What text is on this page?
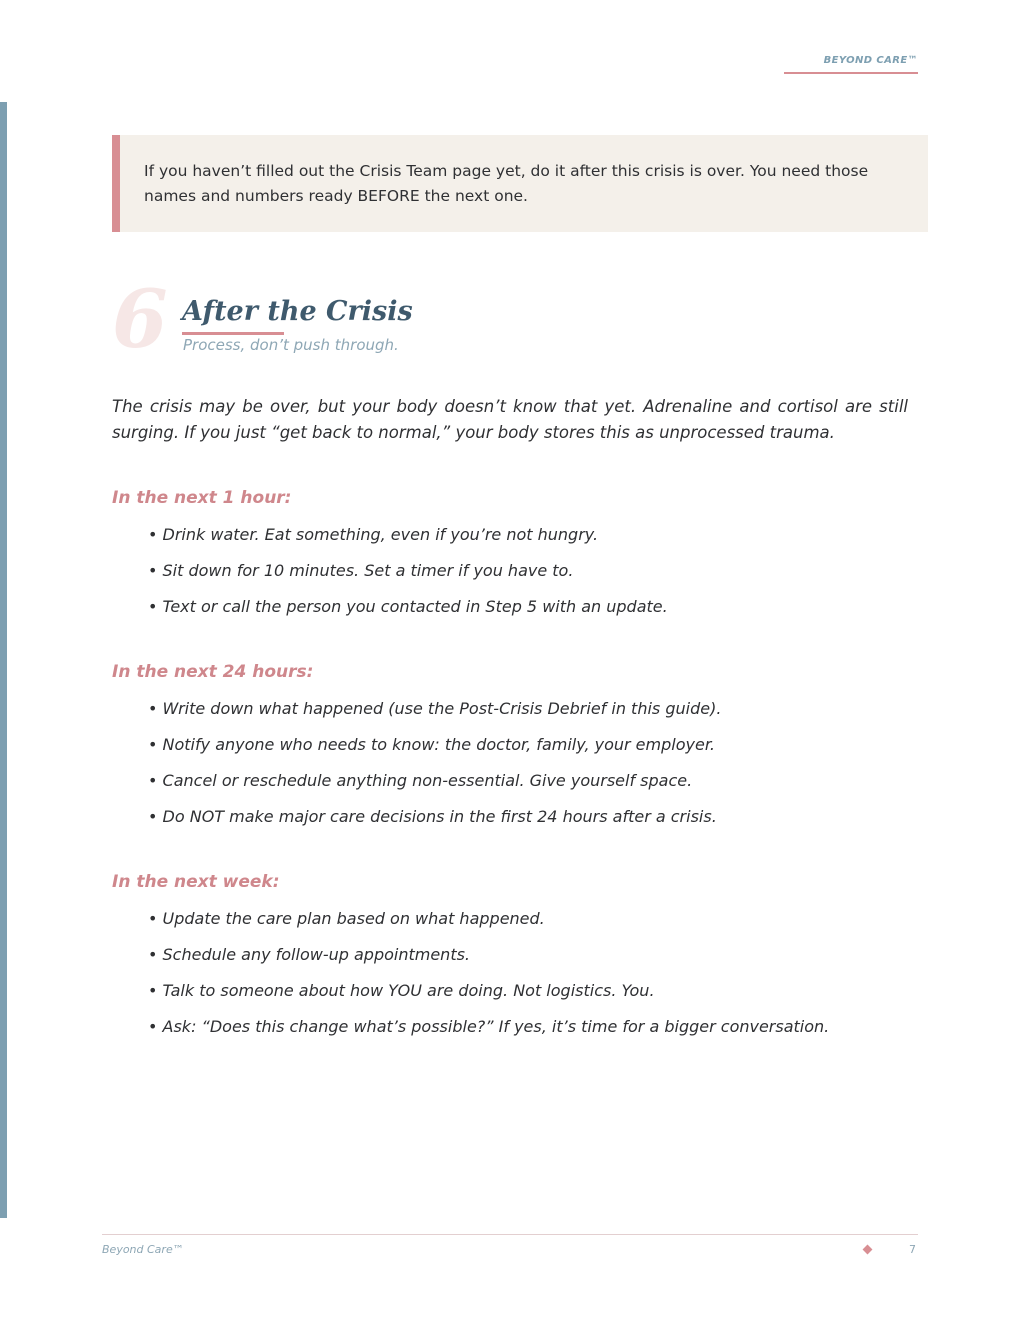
BEYOND CARE™

If you haven’t filled out the Crisis Team page yet, do it after this crisis is over. You need those names and numbers ready BEFORE the next one.

6 After the Crisis
Process, don’t push through.

The crisis may be over, but your body doesn’t know that yet. Adrenaline and cortisol are still surging. If you just “get back to normal,” your body stores this as unprocessed trauma.

In the next 1 hour:
• Drink water. Eat something, even if you’re not hungry.
• Sit down for 10 minutes. Set a timer if you have to.
• Text or call the person you contacted in Step 5 with an update.
In the next 24 hours:
• Write down what happened (use the Post-Crisis Debrief in this guide).
• Notify anyone who needs to know: the doctor, family, your employer.
• Cancel or reschedule anything non-essential. Give yourself space.
• Do NOT make major care decisions in the first 24 hours after a crisis.
In the next week:
• Update the care plan based on what happened.
• Schedule any follow-up appointments.
• Talk to someone about how YOU are doing. Not logistics. You.
• Ask: “Does this change what’s possible?” If yes, it’s time for a bigger conversation.
Beyond Care™	7
